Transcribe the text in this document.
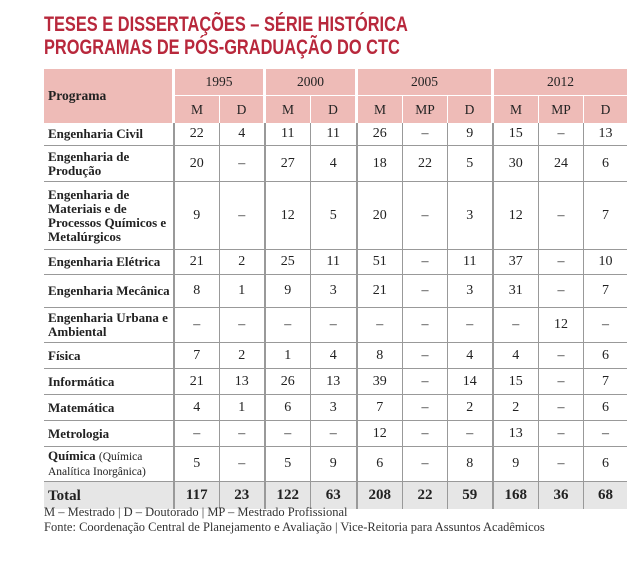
TESES E DISSERTAÇÕES – SÉRIE HISTÓRICA
PROGRAMAS DE PÓS-GRADUAÇÃO DO CTC
Programa	1995		2000		2005			2012		
	M	D	M	D	M	MP	D	M	MP	D
Engenharia Civil	22	4	11	11	26	–	9	15	–	13
Engenharia de Produção	20	–	27	4	18	22	5	30	24	6
Engenharia de Materiais e de Processos Químicos e Metalúrgicos	9	–	12	5	20	–	3	12	–	7
Engenharia Elétrica	21	2	25	11	51	–	11	37	–	10
Engenharia Mecânica	8	1	9	3	21	–	3	31	–	7
Engenharia Urbana e Ambiental	–	–	–	–	–	–	–	–	12	–
Física	7	2	1	4	8	–	4	4	–	6
Informática	21	13	26	13	39	–	14	15	–	7
Matemática	4	1	6	3	7	–	2	2	–	6
Metrologia	–	–	–	–	12	–	–	13	–	–
Química (Química Analítica Inorgânica)	5	–	5	9	6	–	8	9	–	6
Total	117	23	122	63	208	22	59	168	36	68
M – Mestrado | D – Doutorado | MP – Mestrado Profissional
Fonte: Coordenação Central de Planejamento e Avaliação | Vice-Reitoria para Assuntos Acadêmicos
